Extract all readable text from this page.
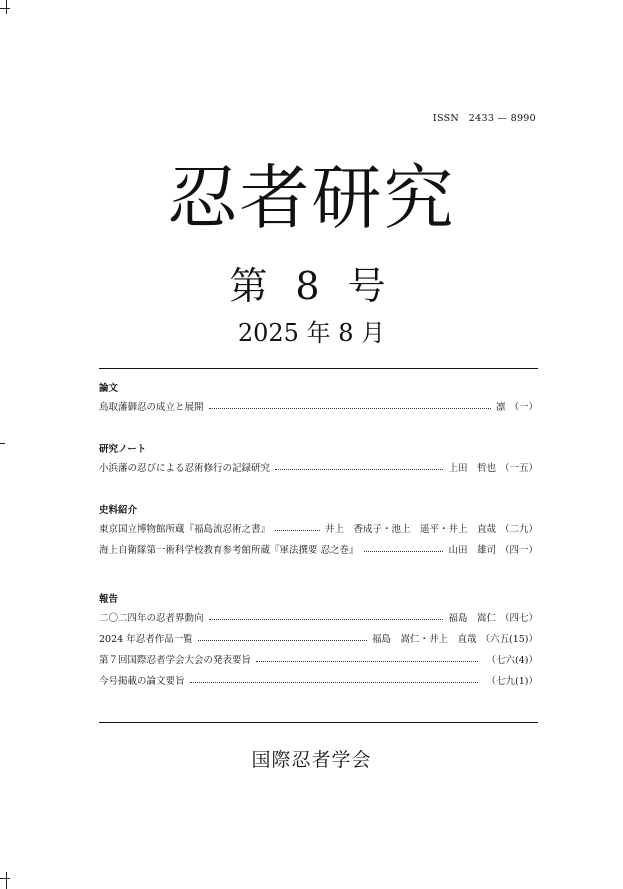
ISSN　2433 — 8990
忍者研究
第 8 号
2025 年 8 月
論文
鳥取藩御忍の成立と展開	凛 （一）
研究ノート
小浜藩の忍びによる忍術修行の記録研究	上田　哲也 （一五）
史料紹介
東京国立博物館所蔵『福島流忍術之書』	井上　香成子・池上　遥平・井上　直哉 （二九）
海上自衛隊第一術科学校教育参考館所蔵『軍法撰要 忍之巻』	山田　雄司 （四一）
報告
二〇二四年の忍者界動向	福島　嵩仁 （四七）
2024 年忍者作品一覧	福島　嵩仁・井上　直哉 （六五(15)）
第７回国際忍者学会大会の発表要旨	（七六(4)）
今号掲載の論文要旨	（七九(1)）
国際忍者学会
